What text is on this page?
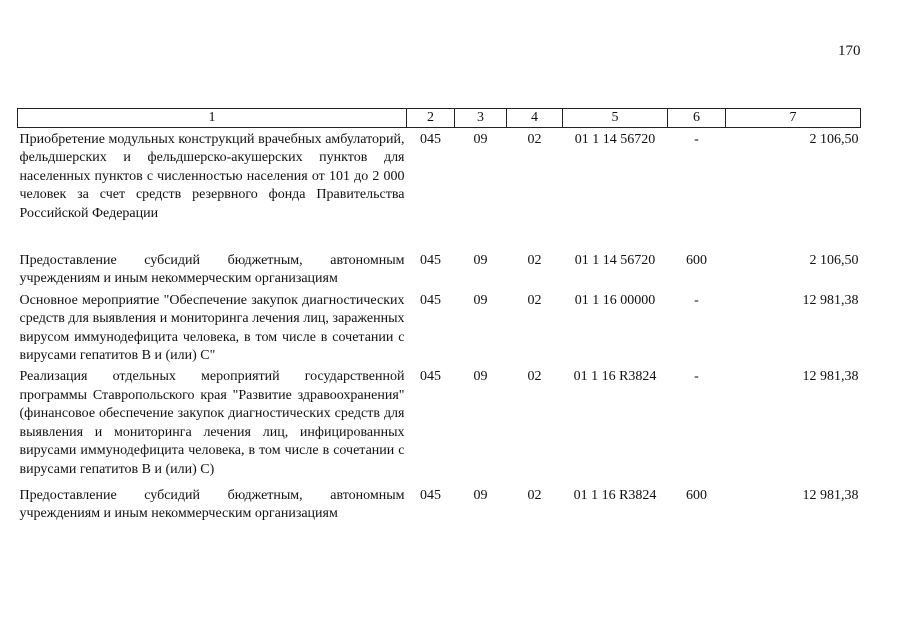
170
1	2	3	4	5	6	7
Приобретение модульных конструкций врачебных амбулаторий, фельдшерских и фельдшерско-акушерских пунктов для населенных пунктов с численностью населения от 101 до 2 000 человек за счет средств резервного фонда Правительства Российской Федерации	045	09	02	01 1 14 56720	-	2 106,50
Предоставление субсидий бюджетным, автономным учреждениям и иным некоммерческим организациям	045	09	02	01 1 14 56720	600	2 106,50
Основное мероприятие "Обеспечение закупок диагностических средств для выявления и мониторинга лечения лиц, зараженных вирусом иммунодефицита человека, в том числе в сочетании с вирусами гепатитов В и (или) С"	045	09	02	01 1 16 00000	-	12 981,38
Реализация отдельных мероприятий государственной программы Ставропольского края "Развитие здравоохранения" (финансовое обеспечение закупок диагностических средств для выявления и мониторинга лечения лиц, инфицированных вирусами иммунодефицита человека, в том числе в сочетании с вирусами гепатитов В и (или) С)	045	09	02	01 1 16 R3824	-	12 981,38
Предоставление субсидий бюджетным, автономным учреждениям и иным некоммерческим организациям	045	09	02	01 1 16 R3824	600	12 981,38
